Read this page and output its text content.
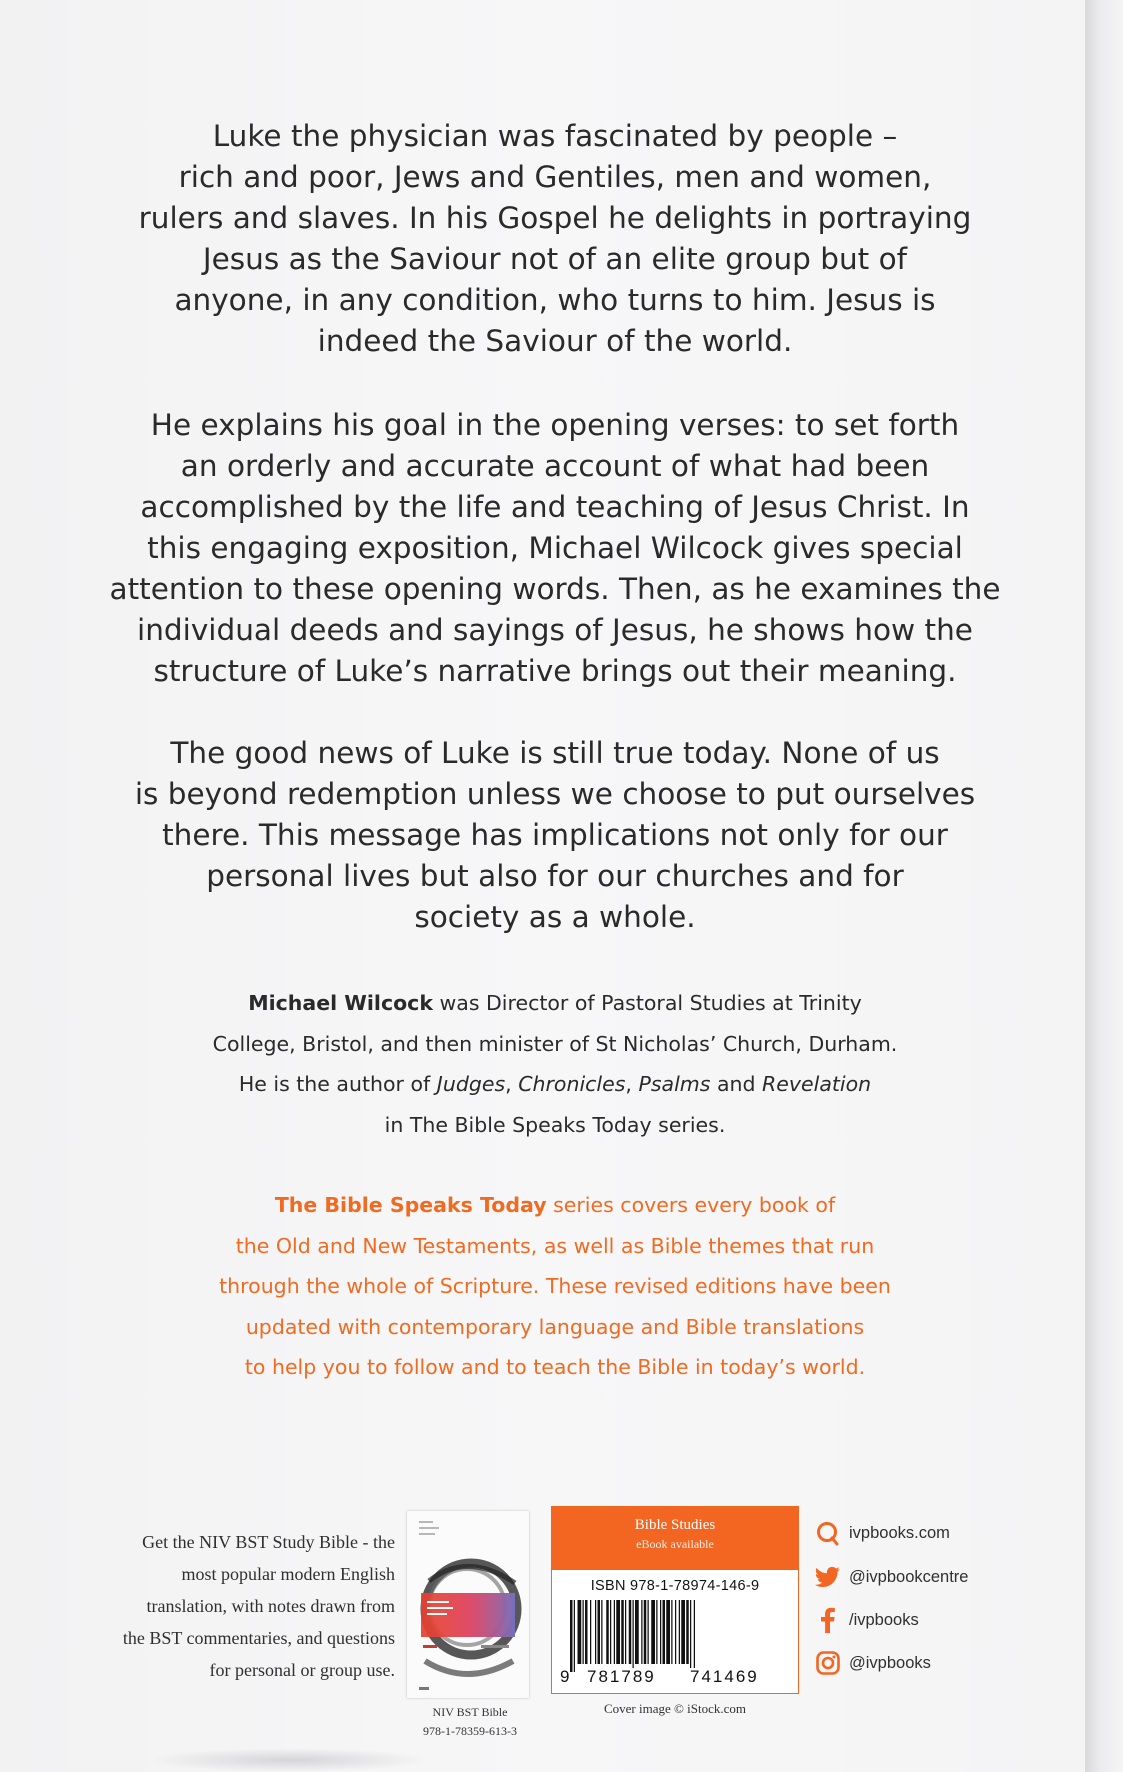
Luke the physician was fascinated by people –
rich and poor, Jews and Gentiles, men and women,
rulers and slaves. In his Gospel he delights in portraying
Jesus as the Saviour not of an elite group but of
anyone, in any condition, who turns to him. Jesus is
indeed the Saviour of the world.

He explains his goal in the opening verses: to set forth
an orderly and accurate account of what had been
accomplished by the life and teaching of Jesus Christ. In
this engaging exposition, Michael Wilcock gives special
attention to these opening words. Then, as he examines the
individual deeds and sayings of Jesus, he shows how the
structure of Luke’s narrative brings out their meaning.

The good news of Luke is still true today. None of us
is beyond redemption unless we choose to put ourselves
there. This message has implications not only for our
personal lives but also for our churches and for
society as a whole.

Michael Wilcock was Director of Pastoral Studies at Trinity
College, Bristol, and then minister of St Nicholas’ Church, Durham.
He is the author of Judges, Chronicles, Psalms and Revelation
in The Bible Speaks Today series.
The Bible Speaks Today series covers every book of
the Old and New Testaments, as well as Bible themes that run
through the whole of Scripture. These revised editions have been
updated with contemporary language and Bible translations
to help you to follow and to teach the Bible in today’s world.
Get the NIV BST Study Bible - the
most popular modern English
translation, with notes drawn from
the BST commentaries, and questions
for personal or group use.
NIV BST Bible
978-1-78359-613-3
Bible Studies
eBook available
ISBN 978-1-78974-146-9
9 781789 741469
Cover image © iStock.com
ivpbooks.com
@ivpbookcentre
/ivpbooks
@ivpbooks
